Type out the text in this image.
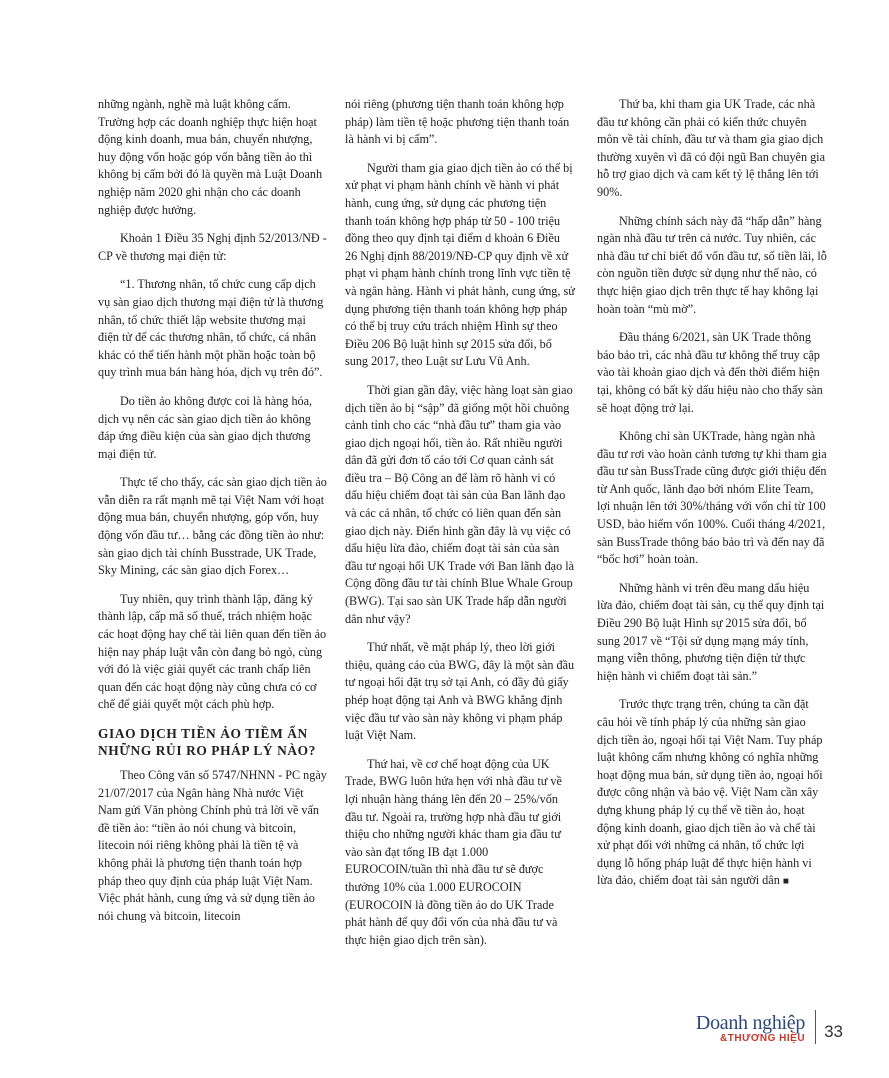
những ngành, nghề mà luật không cấm. Trường hợp các doanh nghiệp thực hiện hoạt động kinh doanh, mua bán, chuyển nhượng, huy động vốn hoặc góp vốn bằng tiền ảo thì không bị cấm bởi đó là quyền mà Luật Doanh nghiệp năm 2020 ghi nhận cho các doanh nghiệp được hưởng.

Khoản 1 Điều 35 Nghị định 52/2013/NĐ - CP về thương mại điện tử:

“1. Thương nhân, tổ chức cung cấp dịch vụ sàn giao dịch thương mại điện tử là thương nhân, tổ chức thiết lập website thương mại điện tử để các thương nhân, tổ chức, cá nhân khác có thể tiến hành một phần hoặc toàn bộ quy trình mua bán hàng hóa, dịch vụ trên đó”.

Do tiền ảo không được coi là hàng hóa, dịch vụ nên các sàn giao dịch tiền ảo không đáp ứng điều kiện của sàn giao dịch thương mại điện tử.

Thực tế cho thấy, các sàn giao dịch tiền ảo vẫn diễn ra rất mạnh mẽ tại Việt Nam với hoạt động mua bán, chuyển nhượng, góp vốn, huy động vốn đầu tư… bằng các đồng tiền ảo như: sàn giao dịch tài chính Busstrade, UK Trade, Sky Mining, các sàn giao dịch Forex…

Tuy nhiên, quy trình thành lập, đăng ký thành lập, cấp mã số thuế, trách nhiệm hoặc các hoạt động hay chế tài liên quan đến tiền ảo hiện nay pháp luật vẫn còn đang bỏ ngỏ, cùng với đó là việc giải quyết các tranh chấp liên quan đến các hoạt động này cũng chưa có cơ chế để giải quyết một cách phù hợp.

GIAO DỊCH TIỀN ẢO TIỀM ẨN NHỮNG RỦI RO PHÁP LÝ NÀO?

Theo Công văn số 5747/NHNN - PC ngày 21/07/2017 của Ngân hàng Nhà nước Việt Nam gửi Văn phòng Chính phủ trả lời về vấn đề tiền ảo: “tiền ảo nói chung và bitcoin, litecoin nói riêng không phải là tiền tệ và không phải là phương tiện thanh toán hợp pháp theo quy định của pháp luật Việt Nam. Việc phát hành, cung ứng và sử dụng tiền ảo nói chung và bitcoin, litecoin

nói riêng (phương tiện thanh toán không hợp pháp) làm tiền tệ hoặc phương tiện thanh toán là hành vi bị cấm”.

Người tham gia giao dịch tiền ảo có thể bị xử phạt vi phạm hành chính về hành vi phát hành, cung ứng, sử dụng các phương tiện thanh toán không hợp pháp từ 50 - 100 triệu đồng theo quy định tại điểm d khoản 6 Điều 26 Nghị định 88/2019/NĐ-CP quy định về xử phạt vi phạm hành chính trong lĩnh vực tiền tệ và ngân hàng. Hành vi phát hành, cung ứng, sử dụng phương tiện thanh toán không hợp pháp có thể bị truy cứu trách nhiệm Hình sự theo Điều 206 Bộ luật hình sự 2015 sửa đổi, bổ sung 2017, theo Luật sư Lưu Vũ Anh.

Thời gian gần đây, việc hàng loạt sàn giao dịch tiền ảo bị “sập” đã giống một hồi chuông cảnh tỉnh cho các “nhà đầu tư” tham gia vào giao dịch ngoại hối, tiền ảo. Rất nhiều người dân đã gửi đơn tố cáo tới Cơ quan cảnh sát điều tra – Bộ Công an để làm rõ hành vi có dấu hiệu chiếm đoạt tài sản của Ban lãnh đạo và các cá nhân, tổ chức có liên quan đến sàn giao dịch này. Điển hình gần đây là vụ việc có dấu hiệu lừa đảo, chiếm đoạt tài sản của sàn đầu tư ngoại hối UK Trade với Ban lãnh đạo là Cộng đồng đầu tư tài chính Blue Whale Group (BWG). Tại sao sàn UK Trade hấp dẫn người dân như vậy?

Thứ nhất, về mặt pháp lý, theo lời giới thiệu, quảng cáo của BWG, đây là một sàn đầu tư ngoại hối đặt trụ sở tại Anh, có đầy đủ giấy phép hoạt động tại Anh và BWG khẳng định việc đầu tư vào sàn này không vi phạm pháp luật Việt Nam.

Thứ hai, về cơ chế hoạt động của UK Trade, BWG luôn hứa hẹn với nhà đầu tư về lợi nhuận hàng tháng lên đến 20 – 25%/vốn đầu tư. Ngoài ra, trường hợp nhà đầu tư giới thiệu cho những người khác tham gia đầu tư vào sàn đạt tổng IB đạt 1.000 EUROCOIN/tuần thì nhà đầu tư sẽ được thưởng 10% của 1.000 EUROCOIN (EUROCOIN là đồng tiền ảo do UK Trade phát hành để quy đổi vốn của nhà đầu tư và thực hiện giao dịch trên sàn).

Thứ ba, khi tham gia UK Trade, các nhà đầu tư không cần phải có kiến thức chuyên môn về tài chính, đầu tư và tham gia giao dịch thường xuyên vì đã có đội ngũ Ban chuyên gia hỗ trợ giao dịch và cam kết tỷ lệ thắng lên tới 90%.

Những chính sách này đã “hấp dẫn” hàng ngàn nhà đầu tư trên cả nước. Tuy nhiên, các nhà đầu tư chỉ biết đổ vốn đầu tư, số tiền lãi, lỗ còn nguồn tiền được sử dụng như thế nào, có thực hiện giao dịch trên thực tế hay không lại hoàn toàn “mù mờ”.

Đầu tháng 6/2021, sàn UK Trade thông báo bảo trì, các nhà đầu tư không thể truy cập vào tài khoản giao dịch và đến thời điểm hiện tại, không có bất kỳ dấu hiệu nào cho thấy sàn sẽ hoạt động trở lại.

Không chỉ sàn UKTrade, hàng ngàn nhà đầu tư rơi vào hoàn cảnh tương tự khi tham gia đầu tư sàn BussTrade cũng được giới thiệu đến từ Anh quốc, lãnh đạo bởi nhóm Elite Team, lợi nhuận lên tới 30%/tháng với vốn chỉ từ 100 USD, bảo hiểm vốn 100%. Cuối tháng 4/2021, sàn BussTrade thông báo bảo trì và đến nay đã “bốc hơi” hoàn toàn.

Những hành vi trên đều mang dấu hiệu lừa đảo, chiếm đoạt tài sản, cụ thể quy định tại Điều 290 Bộ luật Hình sự 2015 sửa đổi, bổ sung 2017 về “Tội sử dụng mạng máy tính, mạng viễn thông, phương tiện điện tử thực hiện hành vi chiếm đoạt tài sản.”

Trước thực trạng trên, chúng ta cần đặt câu hỏi về tính pháp lý của những sàn giao dịch tiền ảo, ngoại hối tại Việt Nam. Tuy pháp luật không cấm nhưng không có nghĩa những hoạt động mua bán, sử dụng tiền ảo, ngoại hối được công nhận và bảo vệ. Việt Nam cần xây dựng khung pháp lý cụ thể về tiền ảo, hoạt động kinh doanh, giao dịch tiền ảo và chế tài xử phạt đối với những cá nhân, tổ chức lợi dụng lỗ hổng pháp luật để thực hiện hành vi lừa đảo, chiếm đoạt tài sản người dân ■

Doanh nghiệp
&THƯƠNG HIỆU 33
